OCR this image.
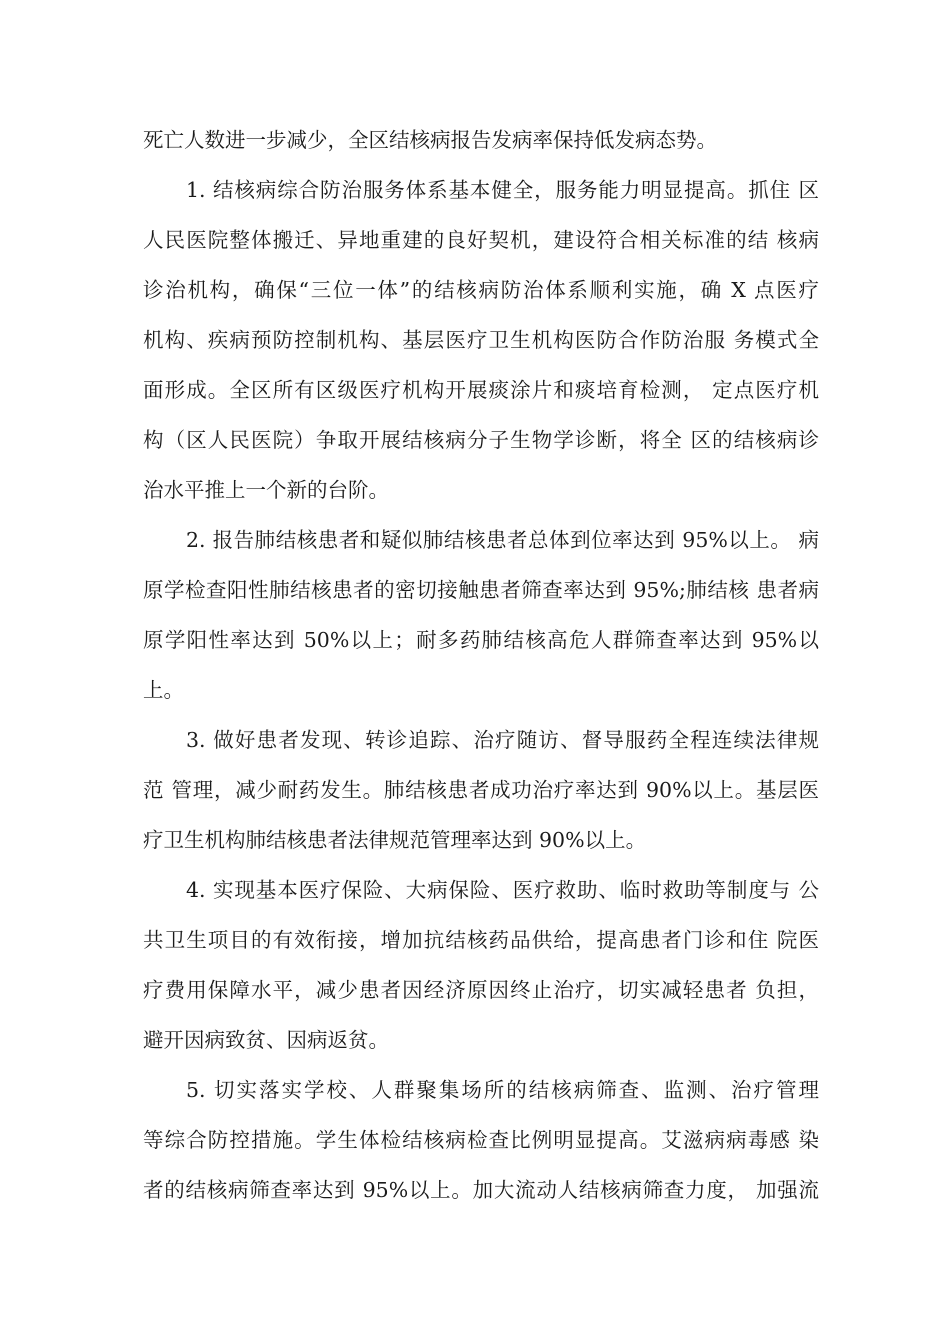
死亡人数进一步减少，全区结核病报告发病率保持低发病态势。
1. 结核病综合防治服务体系基本健全，服务能力明显提高。抓住 区
人民医院整体搬迁、异地重建的良好契机，建设符合相关标准的结 核病
诊治机构，确保“三位一体”的结核病防治体系顺利实施，确 X 点医疗
机构、疾病预防控制机构、基层医疗卫生机构医防合作防治服 务模式全
面形成。全区所有区级医疗机构开展痰涂片和痰培育检测， 定点医疗机
构（区人民医院）争取开展结核病分子生物学诊断，将全 区的结核病诊
治水平推上一个新的台阶。
2. 报告肺结核患者和疑似肺结核患者总体到位率达到 95%以上。 病
原学检查阳性肺结核患者的密切接触患者筛查率达到 95%;肺结核 患者病
原学阳性率达到 50%以上；耐多药肺结核高危人群筛查率达到 95%以
上。
3. 做好患者发现、转诊追踪、治疗随访、督导服药全程连续法律规
范 管理，减少耐药发生。肺结核患者成功治疗率达到 90%以上。基层医
疗卫生机构肺结核患者法律规范管理率达到 90%以上。
4. 实现基本医疗保险、大病保险、医疗救助、临时救助等制度与 公
共卫生项目的有效衔接，增加抗结核药品供给，提高患者门诊和住 院医
疗费用保障水平，减少患者因经济原因终止治疗，切实减轻患者 负担，
避开因病致贫、因病返贫。
5. 切实落实学校、人群聚集场所的结核病筛查、监测、治疗管理
等综合防控措施。学生体检结核病检查比例明显提高。艾滋病病毒感 染
者的结核病筛查率达到 95%以上。加大流动人结核病筛查力度， 加强流
